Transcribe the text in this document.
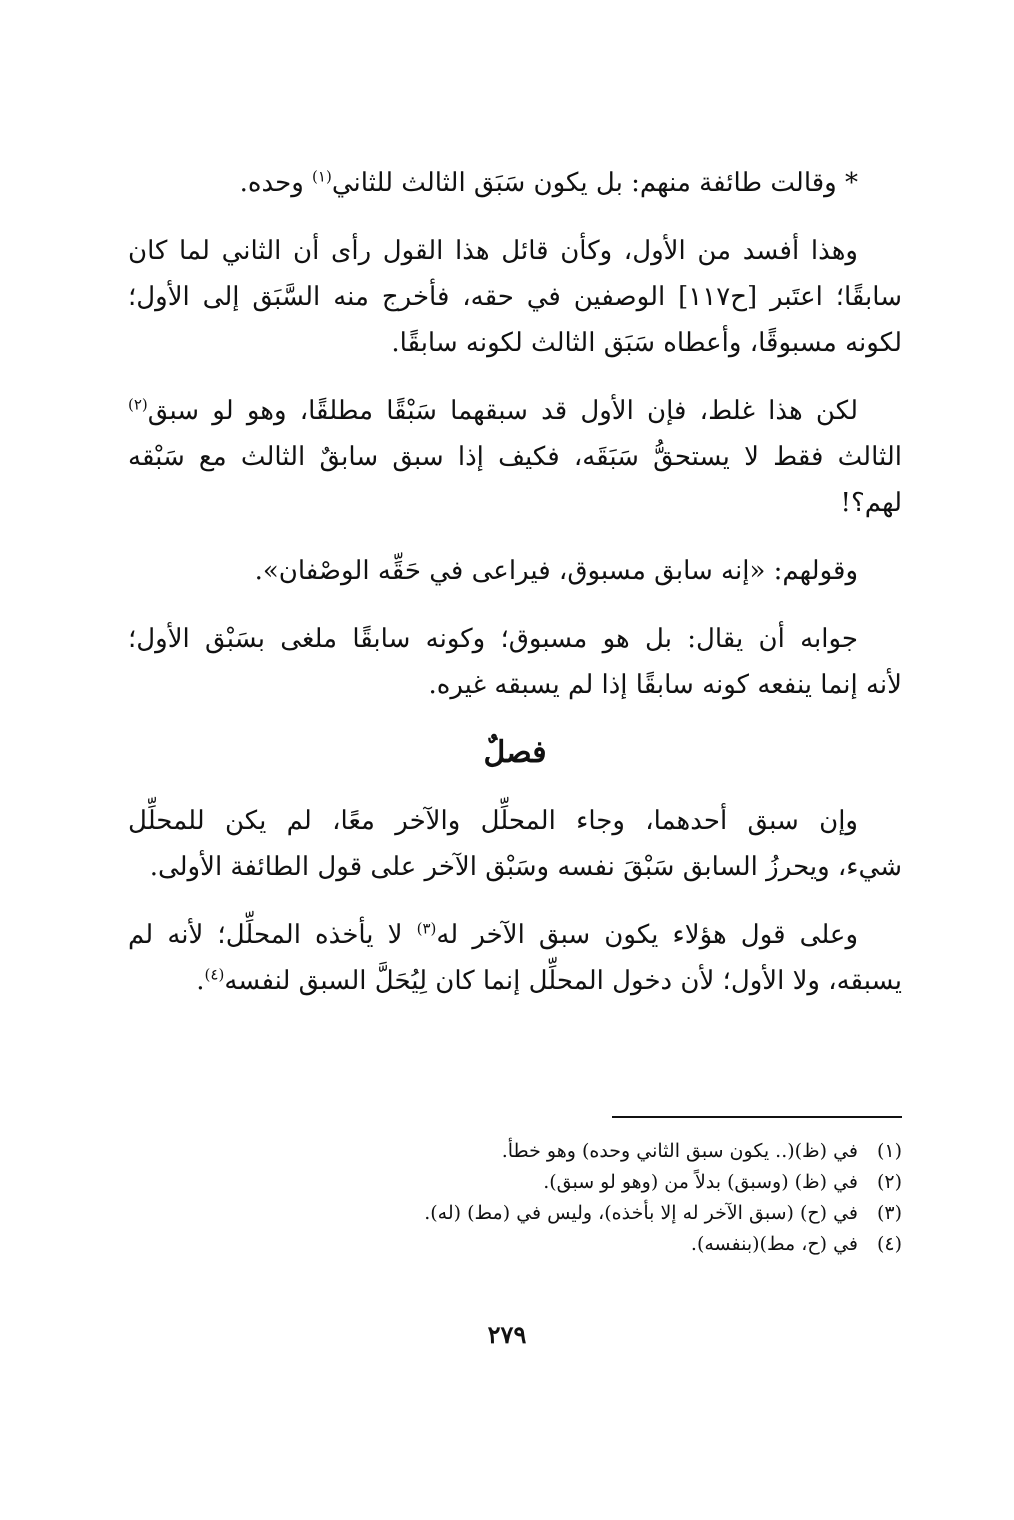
* وقالت طائفة منهم: بل يكون سَبَق الثالث للثاني$^{(١)}$ وحده.

وهذا أفسد من الأول، وكأن قائل هذا القول رأى أن الثاني لما كان
سابقًا؛ اعتَبر [ح١١٧] الوصفين في حقه، فأخرج منه السَّبَق إلى الأول؛
لكونه مسبوقًا، وأعطاه سَبَق الثالث لكونه سابقًا.

لكن هذا غلط، فإن الأول قد سبقهما سَبْقًا مطلقًا، وهو لو سبق$^{(٢)}$
الثالث فقط لا يستحقُّ سَبَقَه، فكيف إذا سبق سابقٌ الثالث مع سَبْقه
لهم؟!

وقولهم: «إنه سابق مسبوق، فيراعى في حَقِّه الوصْفان».

جوابه أن يقال: بل هو مسبوق؛ وكونه سابقًا ملغى بسَبْق الأول؛
لأنه إنما ينفعه كونه سابقًا إذا لم يسبقه غيره.

فصلٌ

وإن سبق أحدهما، وجاء المحلِّل والآخر معًا، لم يكن للمحلِّل
شيء، ويحرزُ السابق سَبْقَ نفسه وسَبْق الآخر على قول الطائفة الأولى.

وعلى قول هؤلاء يكون سبق الآخر له$^{(٣)}$ لا يأخذه المحلِّل؛ لأنه لم
يسبقه، ولا الأول؛ لأن دخول المحلِّل إنما كان لِيُحَلَّ السبق لنفسه$^{(٤)}$.

(١)في (ظ)(.. يكون سبق الثاني وحده) وهو خطأ.
(٢)في (ظ) (وسبق) بدلاً من (وهو لو سبق).
(٣)في (ح) (سبق الآخر له إلا بأخذه)، وليس في (مط) (له).
(٤)في (ح، مط)(بنفسه).
٢٧٩
